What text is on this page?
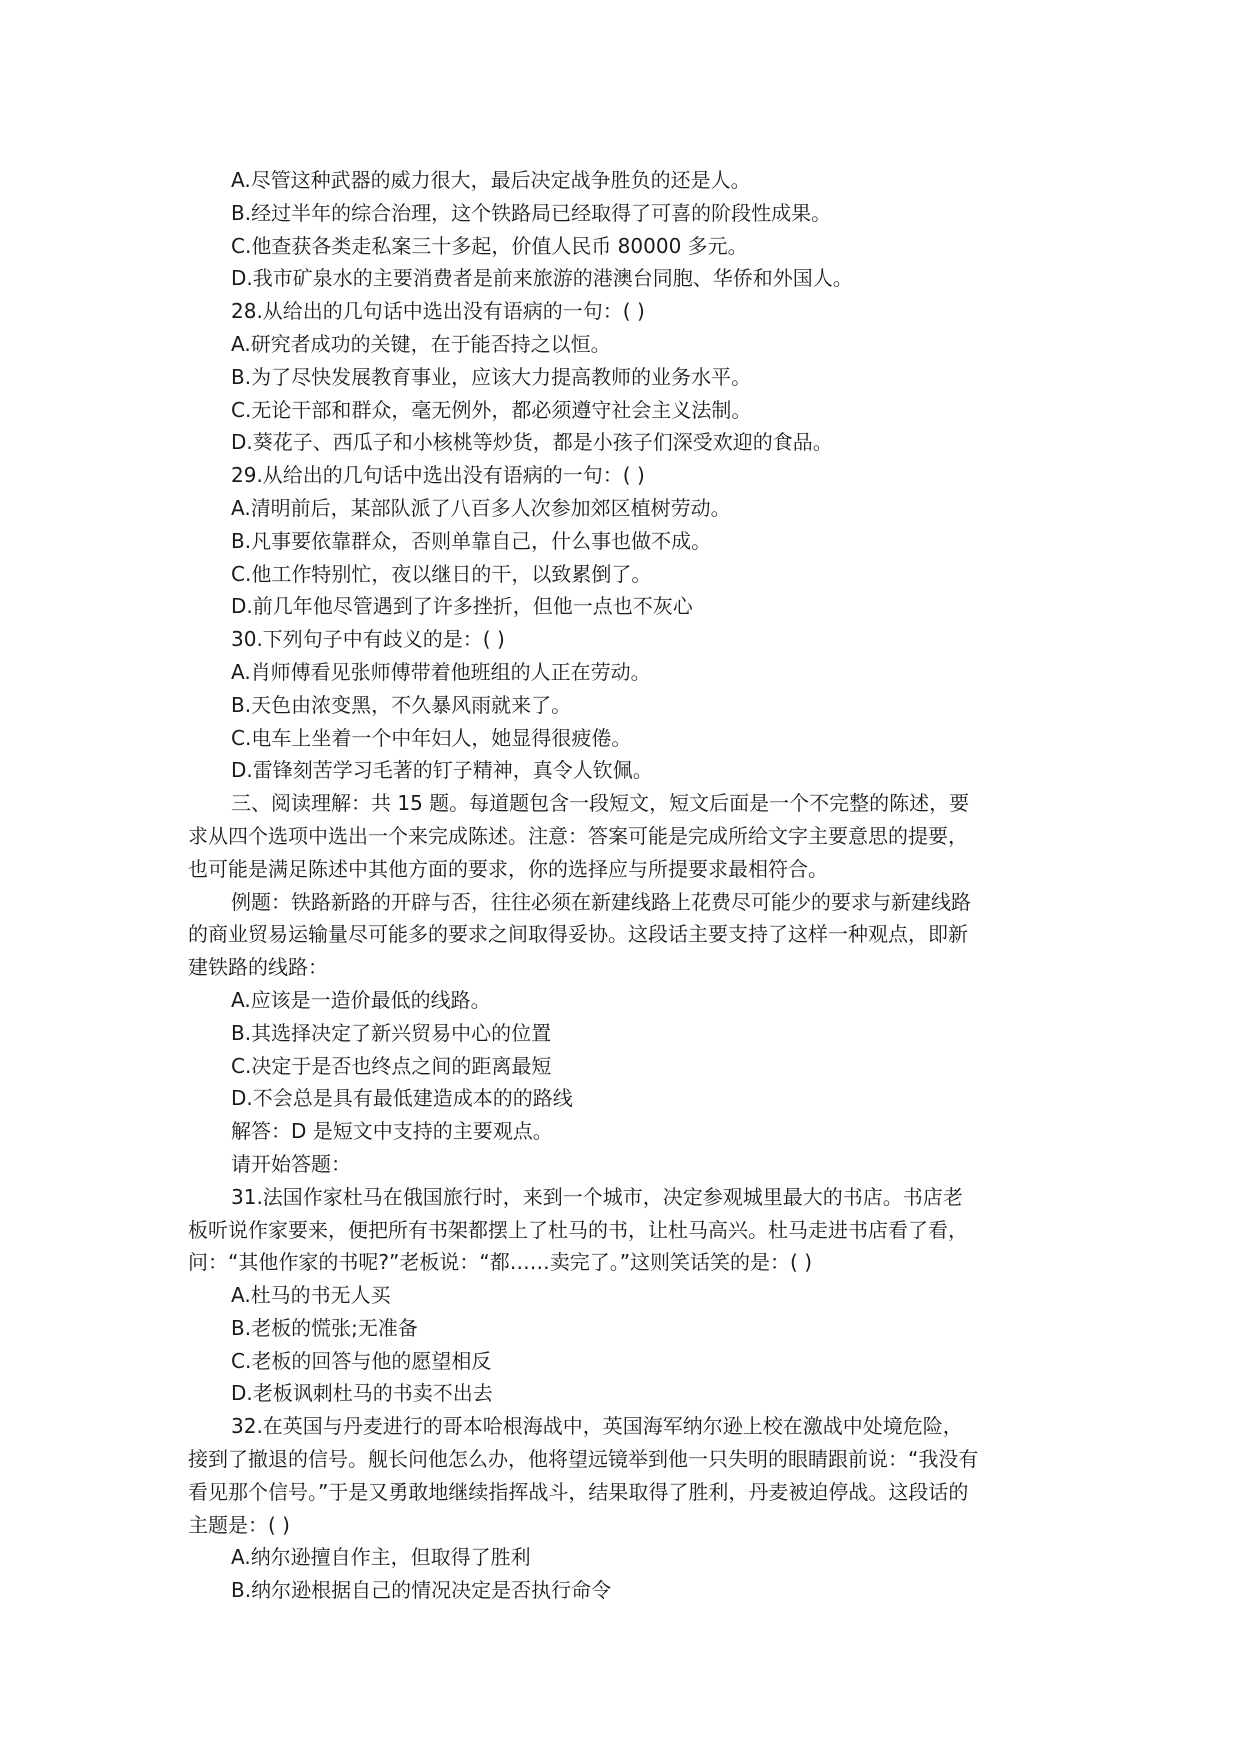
A.尽管这种武器的威力很大，最后决定战争胜负的还是人。
B.经过半年的综合治理，这个铁路局已经取得了可喜的阶段性成果。
C.他查获各类走私案三十多起，价值人民币 80000 多元。
D.我市矿泉水的主要消费者是前来旅游的港澳台同胞、华侨和外国人。
28.从给出的几句话中选出没有语病的一句：( )
A.研究者成功的关键，在于能否持之以恒。
B.为了尽快发展教育事业，应该大力提高教师的业务水平。
C.无论干部和群众，毫无例外，都必须遵守社会主义法制。
D.葵花子、西瓜子和小核桃等炒货，都是小孩子们深受欢迎的食品。
29.从给出的几句话中选出没有语病的一句：( )
A.清明前后，某部队派了八百多人次参加郊区植树劳动。
B.凡事要依靠群众，否则单靠自己，什么事也做不成。
C.他工作特别忙，夜以继日的干，以致累倒了。
D.前几年他尽管遇到了许多挫折，但他一点也不灰心
30.下列句子中有歧义的是：( )
A.肖师傅看见张师傅带着他班组的人正在劳动。
B.天色由浓变黑，不久暴风雨就来了。
C.电车上坐着一个中年妇人，她显得很疲倦。
D.雷锋刻苦学习毛著的钉子精神，真令人钦佩。
三、阅读理解：共 15 题。每道题包含一段短文，短文后面是一个不完整的陈述，要
求从四个选项中选出一个来完成陈述。注意：答案可能是完成所给文字主要意思的提要，
也可能是满足陈述中其他方面的要求，你的选择应与所提要求最相符合。
例题：铁路新路的开辟与否，往往必须在新建线路上花费尽可能少的要求与新建线路
的商业贸易运输量尽可能多的要求之间取得妥协。这段话主要支持了这样一种观点，即新
建铁路的线路：
A.应该是一造价最低的线路。
B.其选择决定了新兴贸易中心的位置
C.决定于是否也终点之间的距离最短
D.不会总是具有最低建造成本的的路线
解答：D 是短文中支持的主要观点。
请开始答题：
31.法国作家杜马在俄国旅行时，来到一个城市，决定参观城里最大的书店。书店老
板听说作家要来，便把所有书架都摆上了杜马的书，让杜马高兴。杜马走进书店看了看，
问：“其他作家的书呢?”老板说：“都……卖完了。”这则笑话笑的是：( )
A.杜马的书无人买
B.老板的慌张;无准备
C.老板的回答与他的愿望相反
D.老板讽刺杜马的书卖不出去
32.在英国与丹麦进行的哥本哈根海战中，英国海军纳尔逊上校在激战中处境危险，
接到了撤退的信号。舰长问他怎么办，他将望远镜举到他一只失明的眼睛跟前说：“我没有
看见那个信号。”于是又勇敢地继续指挥战斗，结果取得了胜利，丹麦被迫停战。这段话的
主题是：( )
A.纳尔逊擅自作主，但取得了胜利
B.纳尔逊根据自己的情况决定是否执行命令
